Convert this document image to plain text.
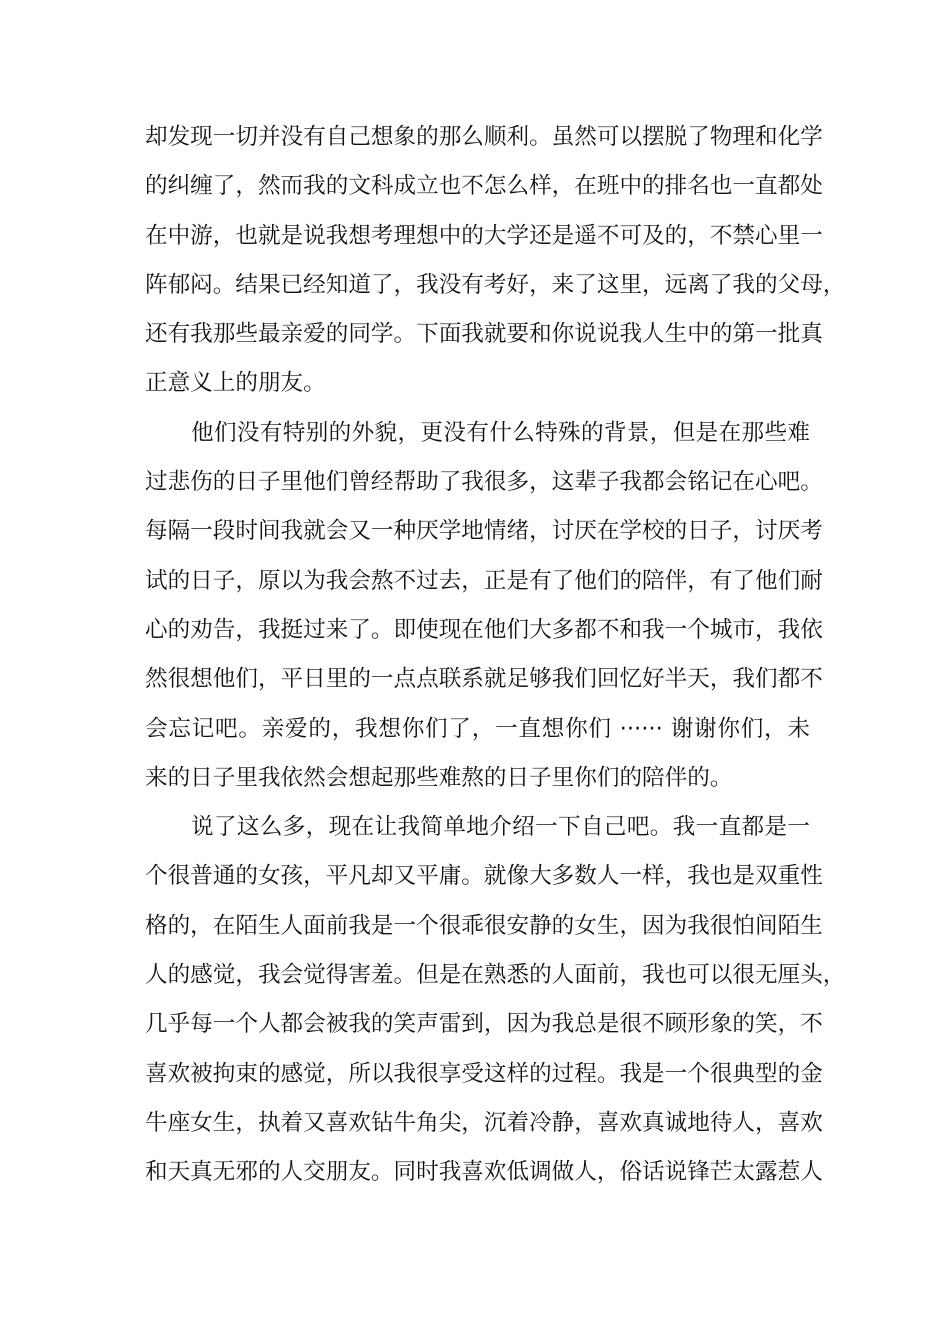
却发现一切并没有自己想象的那么顺利。虽然可以摆脱了物理和化学
的纠缠了，然而我的文科成立也不怎么样，在班中的排名也一直都处
在中游，也就是说我想考理想中的大学还是遥不可及的，不禁心里一
阵郁闷。结果已经知道了，我没有考好，来了这里，远离了我的父母，
还有我那些最亲爱的同学。下面我就要和你说说我人生中的第一批真
正意义上的朋友。
他们没有特别的外貌，更没有什么特殊的背景，但是在那些难
过悲伤的日子里他们曾经帮助了我很多，这辈子我都会铭记在心吧。
每隔一段时间我就会又一种厌学地情绪，讨厌在学校的日子，讨厌考
试的日子，原以为我会熬不过去，正是有了他们的陪伴，有了他们耐
心的劝告，我挺过来了。即使现在他们大多都不和我一个城市，我依
然很想他们，平日里的一点点联系就足够我们回忆好半天，我们都不
会忘记吧。亲爱的，我想你们了，一直想你们 ······ 谢谢你们，未
来的日子里我依然会想起那些难熬的日子里你们的陪伴的。
说了这么多，现在让我简单地介绍一下自己吧。我一直都是一
个很普通的女孩，平凡却又平庸。就像大多数人一样，我也是双重性
格的，在陌生人面前我是一个很乖很安静的女生，因为我很怕间陌生
人的感觉，我会觉得害羞。但是在熟悉的人面前，我也可以很无厘头，
几乎每一个人都会被我的笑声雷到，因为我总是很不顾形象的笑，不
喜欢被拘束的感觉，所以我很享受这样的过程。我是一个很典型的金
牛座女生，执着又喜欢钻牛角尖，沉着冷静，喜欢真诚地待人，喜欢
和天真无邪的人交朋友。同时我喜欢低调做人，俗话说锋芒太露惹人
